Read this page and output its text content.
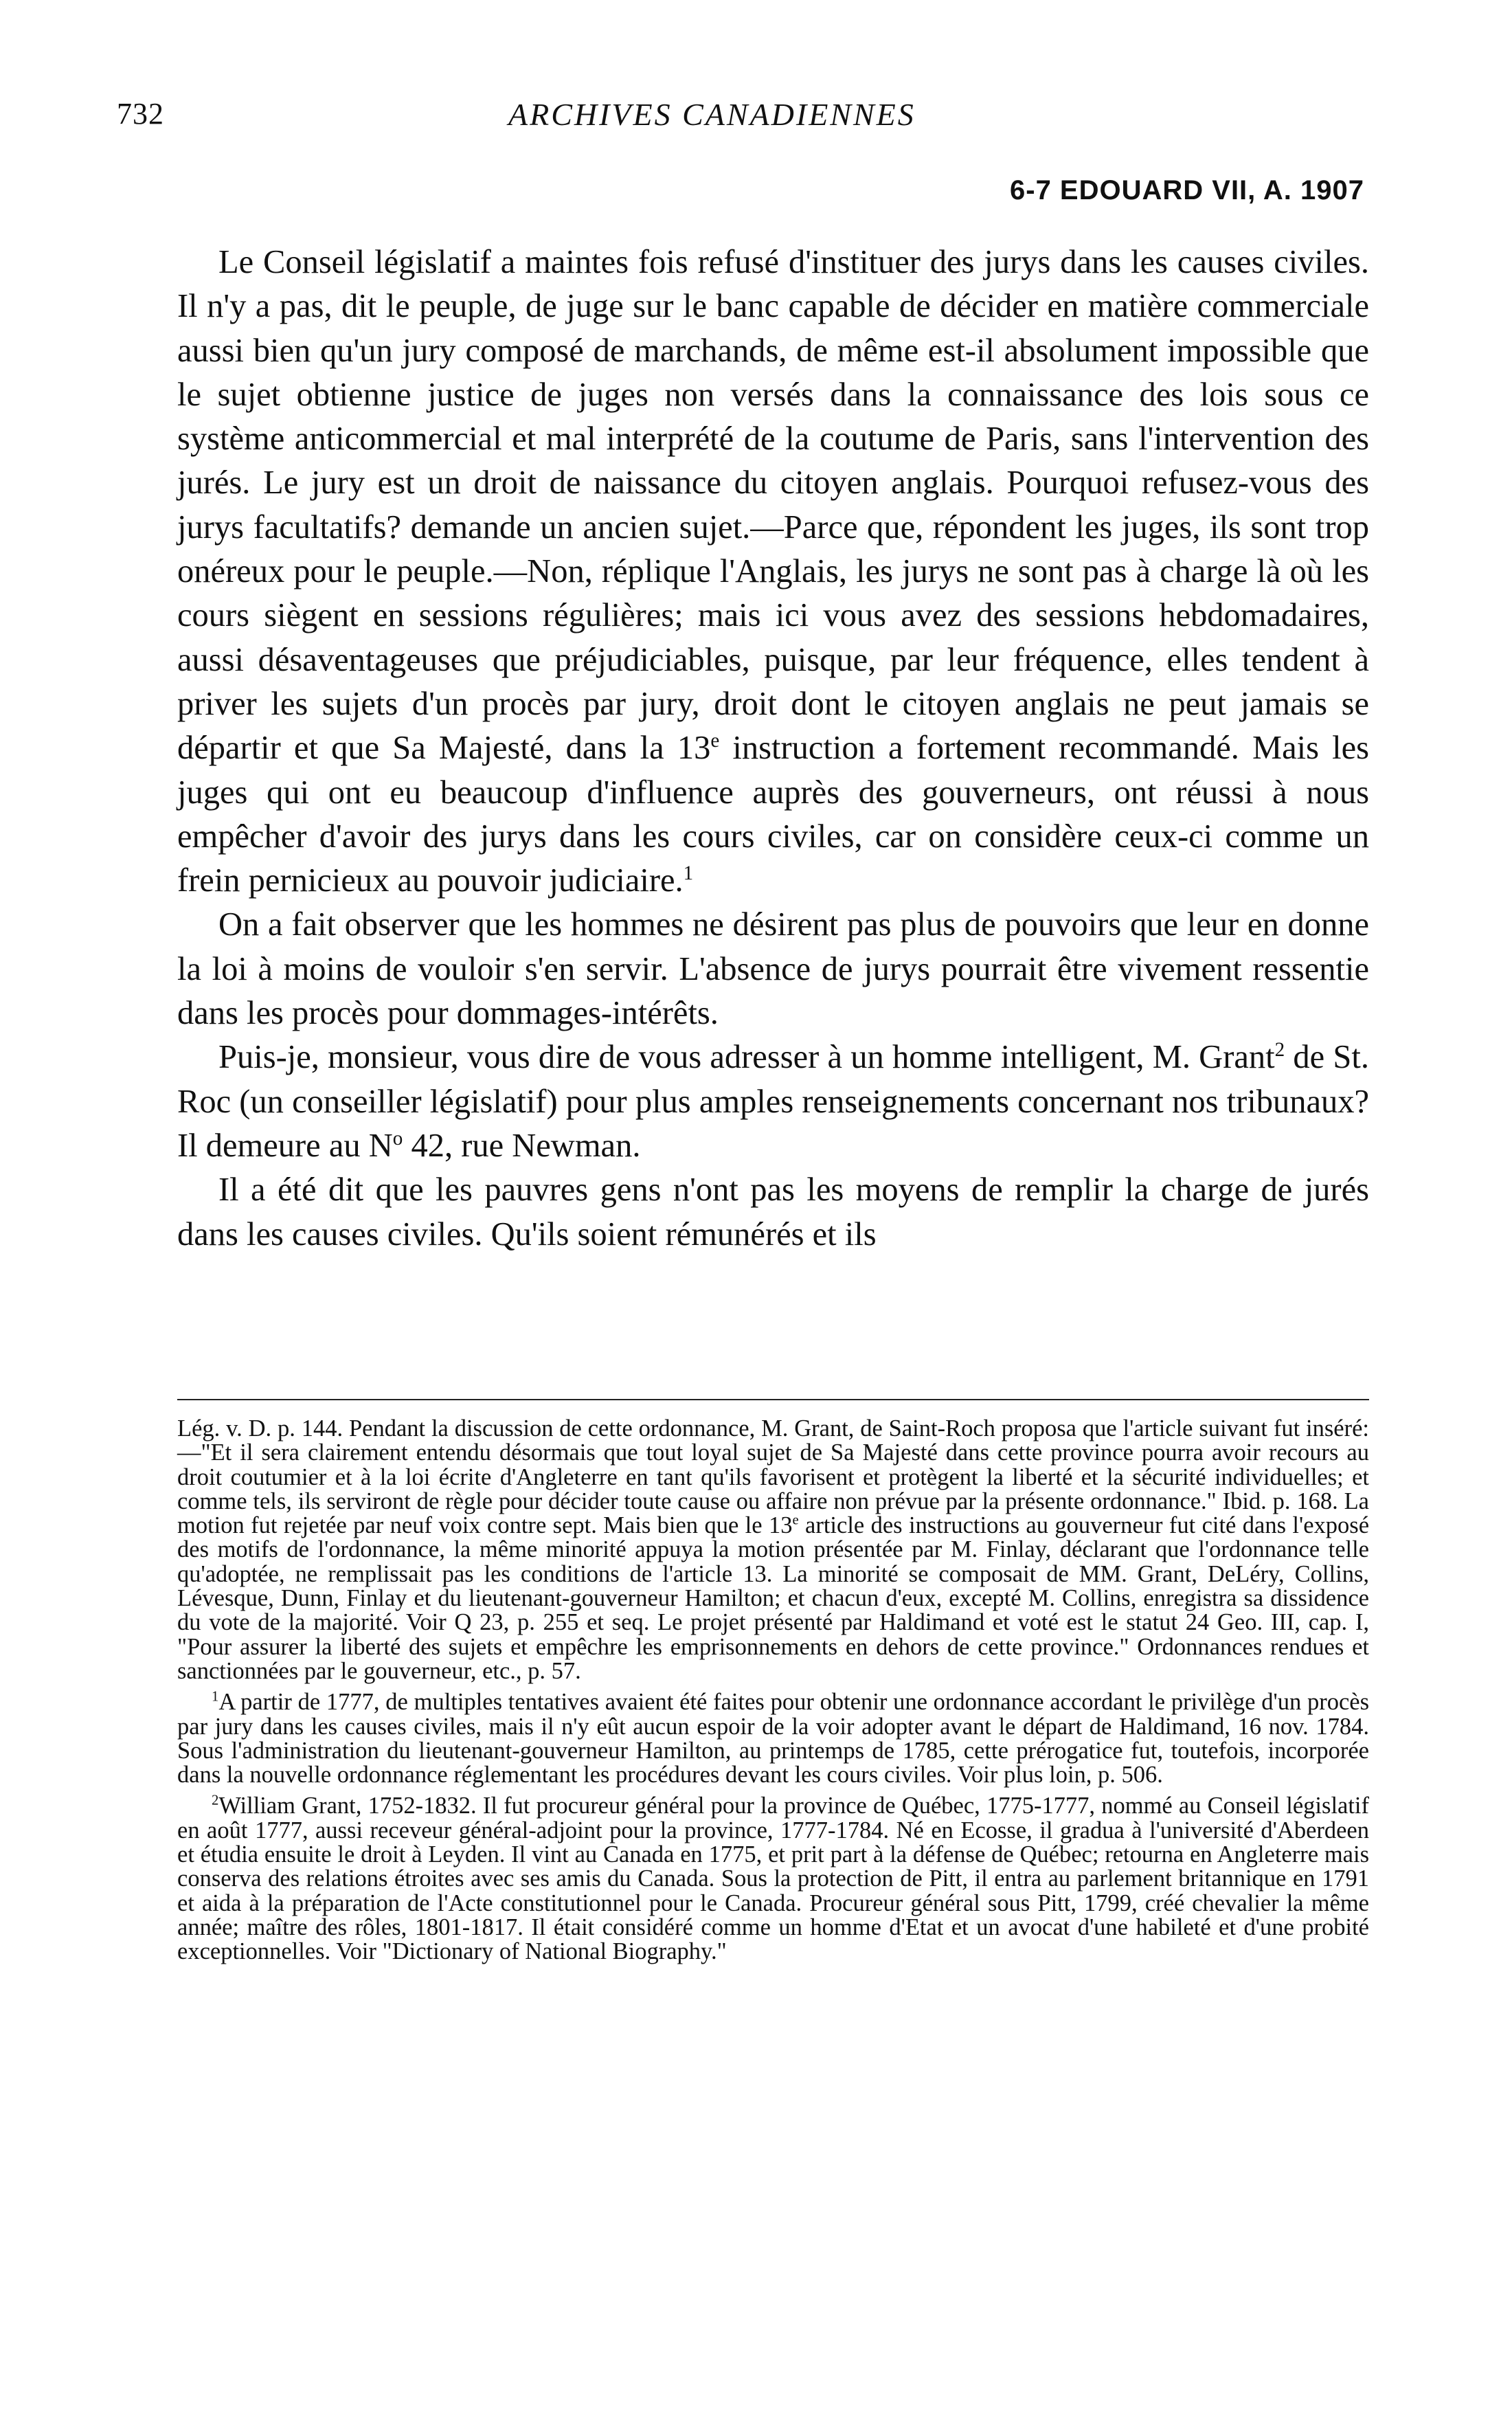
732	ARCHIVES CANADIENNES
6-7 EDOUARD VII, A. 1907

Le Conseil législatif a maintes fois refusé d'instituer des jurys dans les causes civiles. Il n'y a pas, dit le peuple, de juge sur le banc capable de décider en matière commerciale aussi bien qu'un jury composé de marchands, de même est-il absolument impossible que le sujet obtienne justice de juges non versés dans la connaissance des lois sous ce système anticommercial et mal interprété de la coutume de Paris, sans l'intervention des jurés. Le jury est un droit de naissance du citoyen anglais. Pourquoi refusez-vous des jurys facultatifs? demande un ancien sujet.—Parce que, répondent les juges, ils sont trop onéreux pour le peuple.—Non, réplique l'Anglais, les jurys ne sont pas à charge là où les cours siègent en sessions régulières; mais ici vous avez des sessions hebdomadaires, aussi désaventageuses que préjudiciables, puisque, par leur fréquence, elles tendent à priver les sujets d'un procès par jury, droit dont le citoyen anglais ne peut jamais se départir et que Sa Majesté, dans la 13e instruction a fortement recommandé. Mais les juges qui ont eu beaucoup d'influence auprès des gouverneurs, ont réussi à nous empêcher d'avoir des jurys dans les cours civiles, car on considère ceux-ci comme un frein pernicieux au pouvoir judiciaire.$^1$

On a fait observer que les hommes ne désirent pas plus de pouvoirs que leur en donne la loi à moins de vouloir s'en servir. L'absence de jurys pourrait être vivement ressentie dans les procès pour dommages-intérêts.

Puis-je, monsieur, vous dire de vous adresser à un homme intelligent, M. Grant$^2$ de St. Roc (un conseiller législatif) pour plus amples renseignements concernant nos tribunaux? Il demeure au $N^o$ 42, rue Newman.

Il a été dit que les pauvres gens n'ont pas les moyens de remplir la charge de jurés dans les causes civiles. Qu'ils soient rémunérés et ils

Lég. v. D. p. 144. Pendant la discussion de cette ordonnance, M. Grant, de Saint-Roch proposa que l'article suivant fut inséré:—"Et il sera clairement entendu désormais que tout loyal sujet de Sa Majesté dans cette province pourra avoir recours au droit coutumier et à la loi écrite d'Angleterre en tant qu'ils favorisent et protègent la liberté et la sécurité individuelles; et comme tels, ils serviront de règle pour décider toute cause ou affaire non prévue par la présente ordonnance." Ibid. p. 168. La motion fut rejetée par neuf voix contre sept. Mais bien que le 13e article des instructions au gouverneur fut cité dans l'exposé des motifs de l'ordonnance, la même minorité appuya la motion présentée par M. Finlay, déclarant que l'ordonnance telle qu'adoptée, ne remplissait pas les conditions de l'article 13. La minorité se composait de MM. Grant, DeLéry, Collins, Lévesque, Dunn, Finlay et du lieutenant-gouverneur Hamilton; et chacun d'eux, excepté M. Collins, enregistra sa dissidence du vote de la majorité. Voir Q 23, p. 255 et seq. Le projet présenté par Haldimand et voté est le statut 24 Geo. III, cap. I, "Pour assurer la liberté des sujets et empêchre les emprisonnements en dehors de cette province." Ordonnances rendues et sanctionnées par le gouverneur, etc., p. 57.

$^1$A partir de 1777, de multiples tentatives avaient été faites pour obtenir une ordonnance accordant le privilège d'un procès par jury dans les causes civiles, mais il n'y eût aucun espoir de la voir adopter avant le départ de Haldimand, 16 nov. 1784. Sous l'administration du lieutenant-gouverneur Hamilton, au printemps de 1785, cette prérogatice fut, toutefois, incorporée dans la nouvelle ordonnance réglementant les procédures devant les cours civiles. Voir plus loin, p. 506.

$^2$William Grant, 1752-1832. Il fut procureur général pour la province de Québec, 1775-1777, nommé au Conseil législatif en août 1777, aussi receveur général-adjoint pour la province, 1777-1784. Né en Ecosse, il gradua à l'université d'Aberdeen et étudia ensuite le droit à Leyden. Il vint au Canada en 1775, et prit part à la défense de Québec; retourna en Angleterre mais conserva des relations étroites avec ses amis du Canada. Sous la protection de Pitt, il entra au parlement britannique en 1791 et aida à la préparation de l'Acte constitutionnel pour le Canada. Procureur général sous Pitt, 1799, créé chevalier la même année; maître des rôles, 1801-1817. Il était considéré comme un homme d'Etat et un avocat d'une habileté et d'une probité exceptionnelles. Voir "Dictionary of National Biography."
